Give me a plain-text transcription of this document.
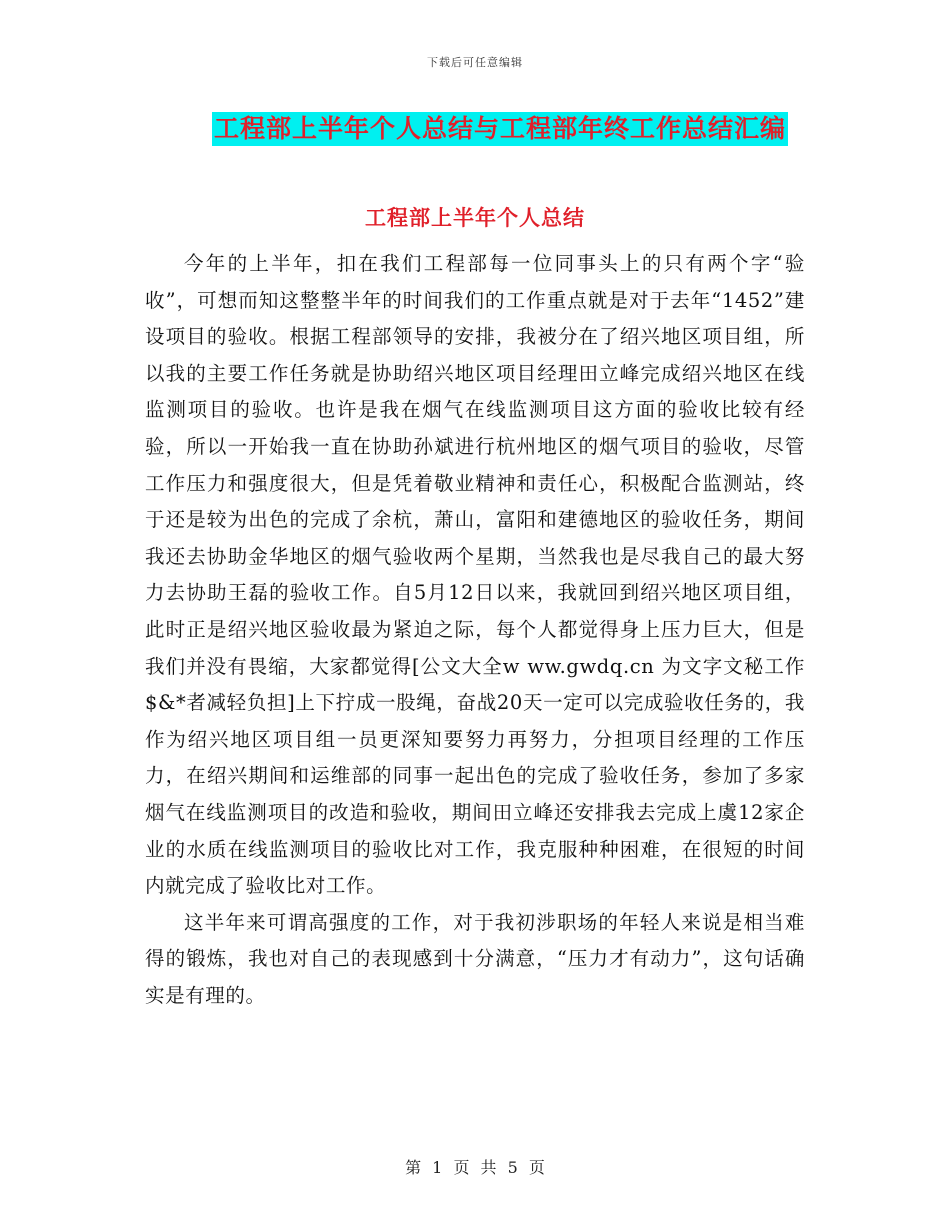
下载后可任意编辑
工程部上半年个人总结与工程部年终工作总结汇编
工程部上半年个人总结

今年的上半年，扣在我们工程部每一位同事头上的只有两个字“验收”，可想而知这整整半年的时间我们的工作重点就是对于去年“1452”建设项目的验收。根据工程部领导的安排，我被分在了绍兴地区项目组，所以我的主要工作任务就是协助绍兴地区项目经理田立峰完成绍兴地区在线监测项目的验收。也许是我在烟气在线监测项目这方面的验收比较有经验，所以一开始我一直在协助孙斌进行杭州地区的烟气项目的验收，尽管工作压力和强度很大，但是凭着敬业精神和责任心，积极配合监测站，终于还是较为出色的完成了余杭，萧山，富阳和建德地区的验收任务，期间我还去协助金华地区的烟气验收两个星期，当然我也是尽我自己的最大努力去协助王磊的验收工作。自5月12日以来，我就回到绍兴地区项目组，此时正是绍兴地区验收最为紧迫之际，每个人都觉得身上压力巨大，但是我们并没有畏缩，大家都觉得[公文大全w ww.gwdq.cn 为文字文秘工作$&*者减轻负担]上下拧成一股绳，奋战20天一定可以完成验收任务的，我作为绍兴地区项目组一员更深知要努力再努力，分担项目经理的工作压力，在绍兴期间和运维部的同事一起出色的完成了验收任务，参加了多家烟气在线监测项目的改造和验收，期间田立峰还安排我去完成上虞12家企业的水质在线监测项目的验收比对工作，我克服种种困难，在很短的时间内就完成了验收比对工作。

这半年来可谓高强度的工作，对于我初涉职场的年轻人来说是相当难得的锻炼，我也对自己的表现感到十分满意，“压力才有动力”，这句话确实是有理的。

第 1 页 共 5 页
